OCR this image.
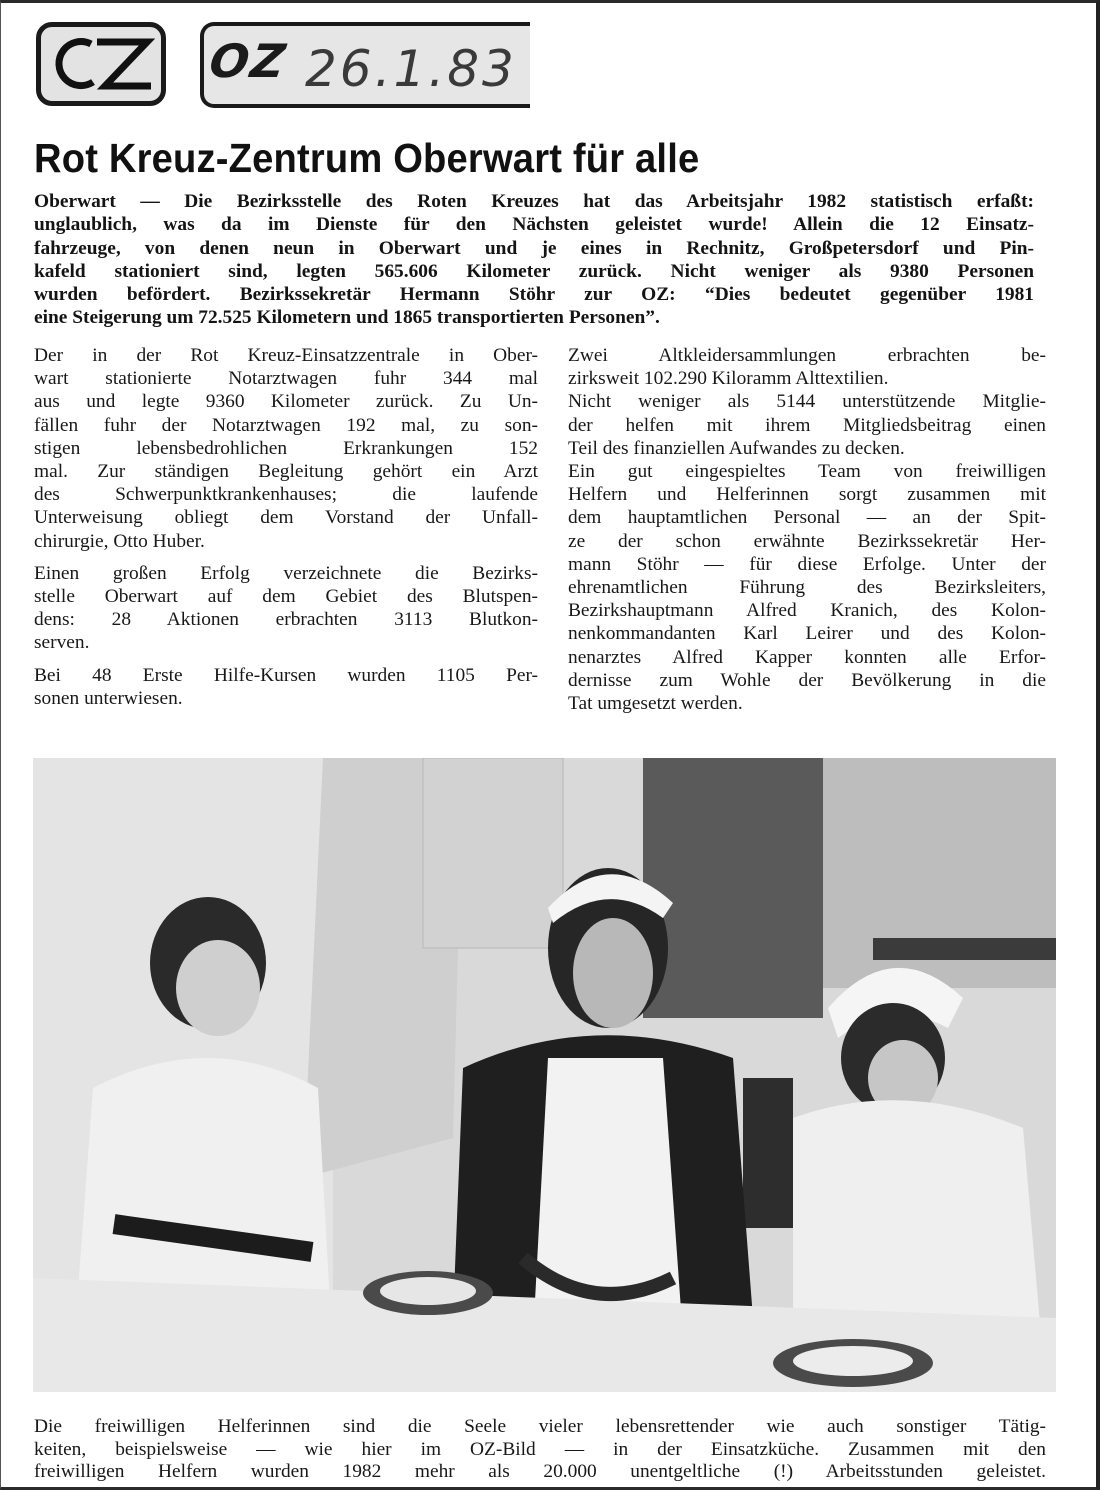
OZ 26.1.83
Rot Kreuz-Zentrum Oberwart für alle
Oberwart — Die Bezirksstelle des Roten Kreuzes hat das Arbeitsjahr 1982 statistisch erfaßt:
unglaublich, was da im Dienste für den Nächsten geleistet wurde! Allein die 12 Einsatz-
fahrzeuge, von denen neun in Oberwart und je eines in Rechnitz, Großpetersdorf und Pin-
kafeld stationiert sind, legten 565.606 Kilometer zurück. Nicht weniger als 9380 Personen
wurden befördert. Bezirkssekretär Hermann Stöhr zur OZ: “Dies bedeutet gegenüber 1981
eine Steigerung um 72.525 Kilometern und 1865 transportierten Personen”.
Der in der Rot Kreuz-Einsatzzentrale in Ober-
wart stationierte Notarztwagen fuhr 344 mal
aus und legte 9360 Kilometer zurück. Zu Un-
fällen fuhr der Notarztwagen 192 mal, zu son-
stigen lebensbedrohlichen Erkrankungen 152
mal. Zur ständigen Begleitung gehört ein Arzt
des Schwerpunktkrankenhauses; die laufende
Unterweisung obliegt dem Vorstand der Unfall-
chirurgie, Otto Huber.
Einen großen Erfolg verzeichnete die Bezirks-
stelle Oberwart auf dem Gebiet des Blutspen-
dens: 28 Aktionen erbrachten 3113 Blutkon-
serven.
Bei 48 Erste Hilfe-Kursen wurden 1105 Per-
sonen unterwiesen.
Zwei Altkleidersammlungen erbrachten be-
zirksweit 102.290 Kiloramm Alttextilien.
Nicht weniger als 5144 unterstützende Mitglie-
der helfen mit ihrem Mitgliedsbeitrag einen
Teil des finanziellen Aufwandes zu decken.
Ein gut eingespieltes Team von freiwilligen
Helfern und Helferinnen sorgt zusammen mit
dem hauptamtlichen Personal — an der Spit-
ze der schon erwähnte Bezirkssekretär Her-
mann Stöhr — für diese Erfolge. Unter der
ehrenamtlichen Führung des Bezirksleiters,
Bezirkshauptmann Alfred Kranich, des Kolon-
nenkommandanten Karl Leirer und des Kolon-
nenarztes Alfred Kapper konnten alle Erfor-
dernisse zum Wohle der Bevölkerung in die
Tat umgesetzt werden.
Die freiwilligen Helferinnen sind die Seele vieler lebensrettender wie auch sonstiger Tätig-
keiten, beispielsweise — wie hier im OZ-Bild — in der Einsatzküche. Zusammen mit den
freiwilligen Helfern wurden 1982 mehr als 20.000 unentgeltliche (!) Arbeitsstunden geleistet.
